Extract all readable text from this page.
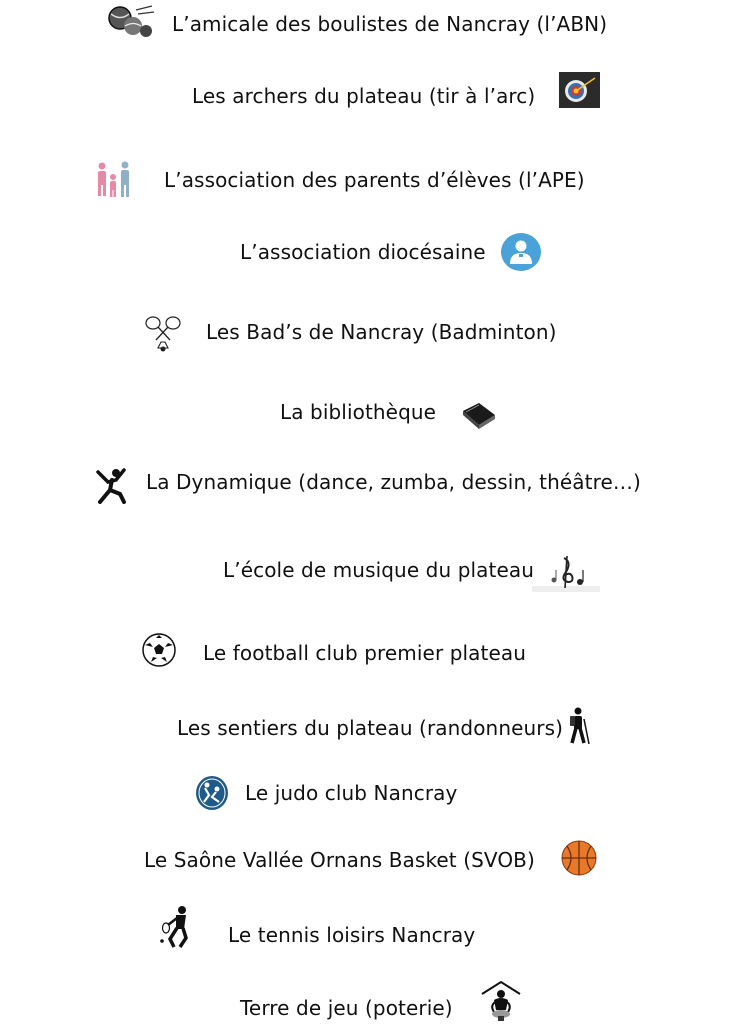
L’amicale des boulistes de Nancray (l’ABN)
Les archers du plateau (tir à l’arc)
L’association des parents d’élèves (l’APE)
L’association diocésaine
Les Bad’s de Nancray (Badminton)
La bibliothèque
La Dynamique (dance, zumba, dessin, théâtre…)
L’école de musique du plateau
Le football club premier plateau
Les sentiers du plateau (randonneurs)
Le judo club Nancray
Le Saône Vallée Ornans Basket (SVOB)
Le tennis loisirs Nancray
Terre de jeu (poterie)
